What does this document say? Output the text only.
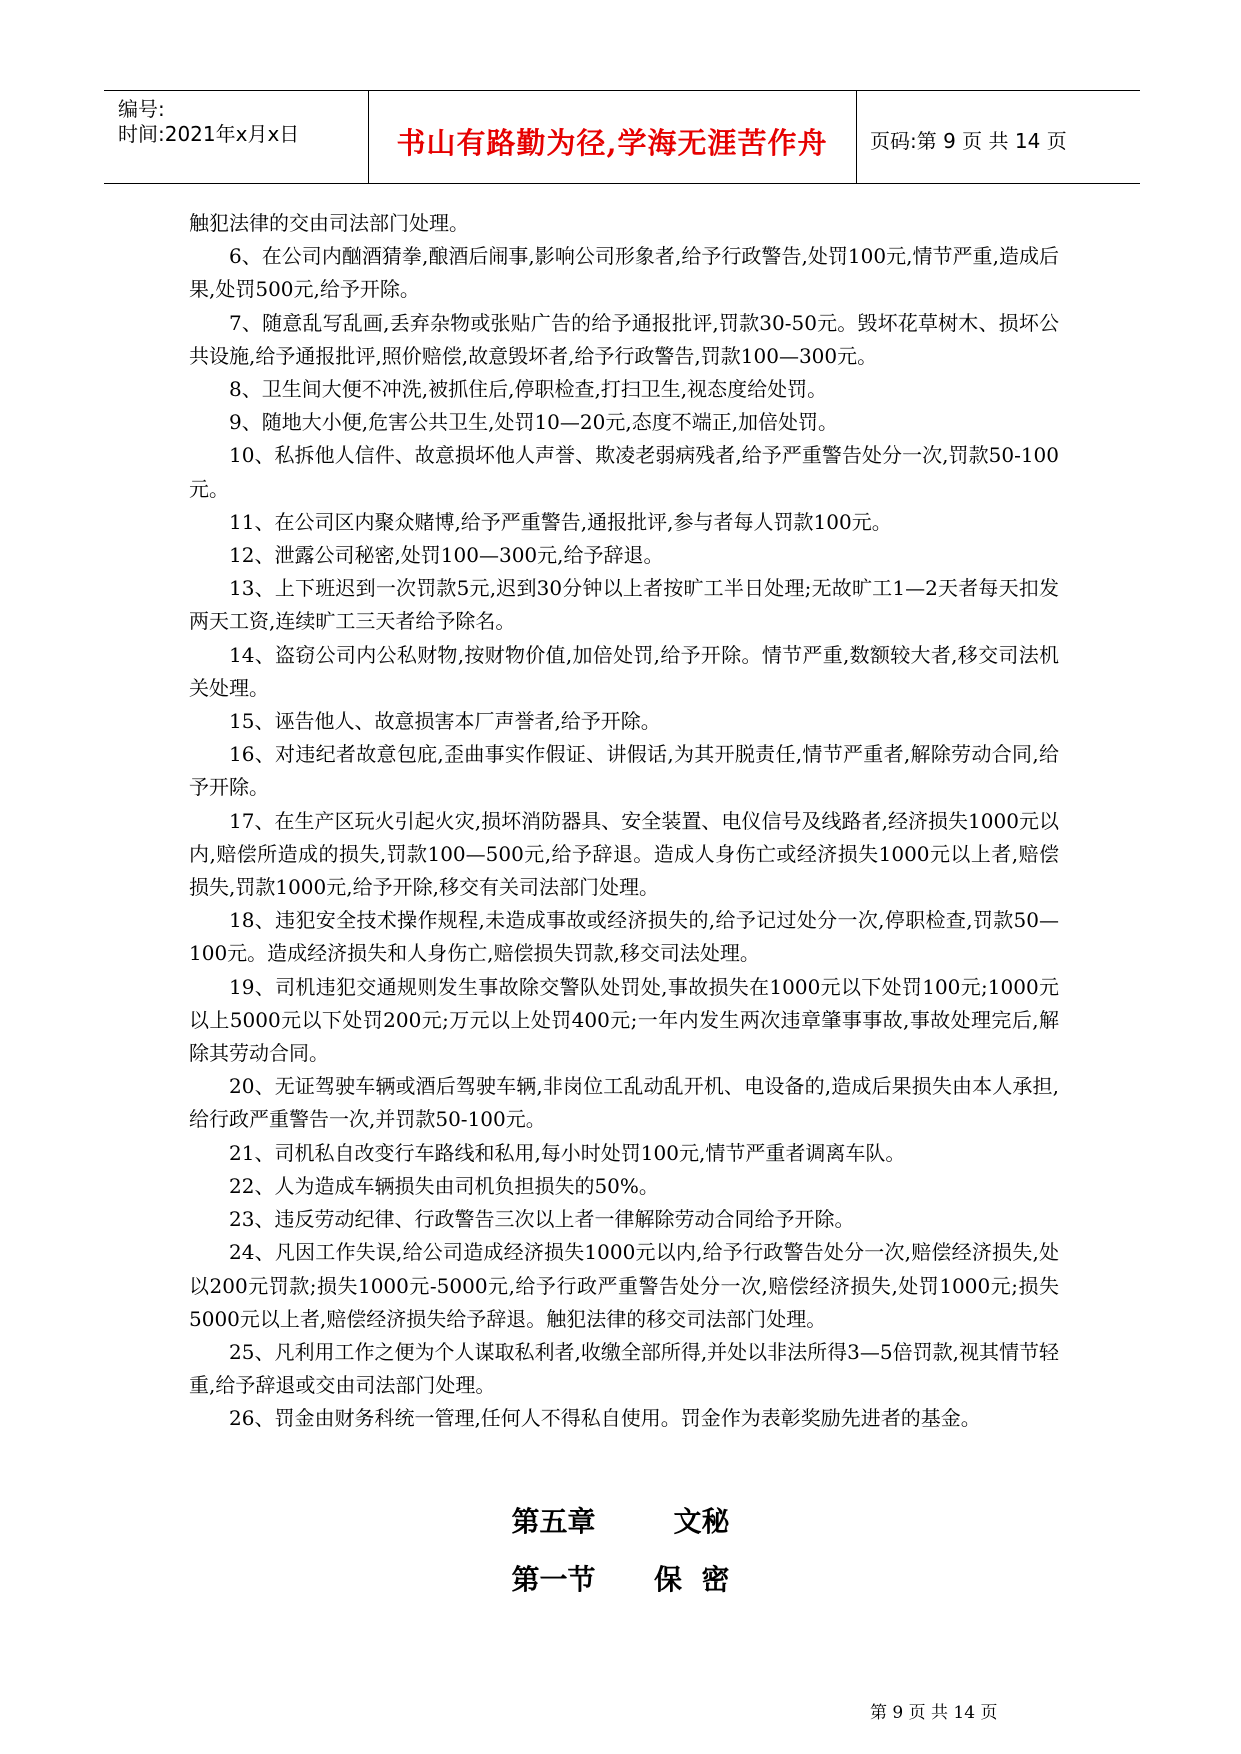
编号:
时间:2021年x月x日	书山有路勤为径,学海无涯苦作舟	页码:第 9 页 共 14 页

触犯法律的交由司法部门处理。

6、在公司内酗酒猜拳,酿酒后闹事,影响公司形象者,给予行政警告,处罚100元,情节严重,造成后果,处罚500元,给予开除。

7、随意乱写乱画,丢弃杂物或张贴广告的给予通报批评,罚款30-50元。毁坏花草树木、损坏公共设施,给予通报批评,照价赔偿,故意毁坏者,给予行政警告,罚款100—300元。

8、卫生间大便不冲洗,被抓住后,停职检查,打扫卫生,视态度给处罚。

9、随地大小便,危害公共卫生,处罚10—20元,态度不端正,加倍处罚。

10、私拆他人信件、故意损坏他人声誉、欺凌老弱病残者,给予严重警告处分一次,罚款50-100元。

11、在公司区内聚众赌博,给予严重警告,通报批评,参与者每人罚款100元。

12、泄露公司秘密,处罚100—300元,给予辞退。

13、上下班迟到一次罚款5元,迟到30分钟以上者按旷工半日处理;无故旷工1—2天者每天扣发两天工资,连续旷工三天者给予除名。

14、盗窃公司内公私财物,按财物价值,加倍处罚,给予开除。情节严重,数额较大者,移交司法机关处理。

15、诬告他人、故意损害本厂声誉者,给予开除。

16、对违纪者故意包庇,歪曲事实作假证、讲假话,为其开脱责任,情节严重者,解除劳动合同,给予开除。

17、在生产区玩火引起火灾,损坏消防器具、安全装置、电仪信号及线路者,经济损失1000元以内,赔偿所造成的损失,罚款100—500元,给予辞退。造成人身伤亡或经济损失1000元以上者,赔偿损失,罚款1000元,给予开除,移交有关司法部门处理。

18、违犯安全技术操作规程,未造成事故或经济损失的,给予记过处分一次,停职检查,罚款50—100元。造成经济损失和人身伤亡,赔偿损失罚款,移交司法处理。

19、司机违犯交通规则发生事故除交警队处罚处,事故损失在1000元以下处罚100元;1000元以上5000元以下处罚200元;万元以上处罚400元;一年内发生两次违章肇事事故,事故处理完后,解除其劳动合同。

20、无证驾驶车辆或酒后驾驶车辆,非岗位工乱动乱开机、电设备的,造成后果损失由本人承担,给行政严重警告一次,并罚款50-100元。

21、司机私自改变行车路线和私用,每小时处罚100元,情节严重者调离车队。

22、人为造成车辆损失由司机负担损失的50%。

23、违反劳动纪律、行政警告三次以上者一律解除劳动合同给予开除。

24、凡因工作失误,给公司造成经济损失1000元以内,给予行政警告处分一次,赔偿经济损失,处以200元罚款;损失1000元-5000元,给予行政严重警告处分一次,赔偿经济损失,处罚1000元;损失5000元以上者,赔偿经济损失给予辞退。触犯法律的移交司法部门处理。

25、凡利用工作之便为个人谋取私利者,收缴全部所得,并处以非法所得3—5倍罚款,视其情节轻重,给予辞退或交由司法部门处理。

26、罚金由财务科统一管理,任何人不得私自使用。罚金作为表彰奖励先进者的基金。

第五章        文秘
第一节      保  密
第 9 页 共 14 页
